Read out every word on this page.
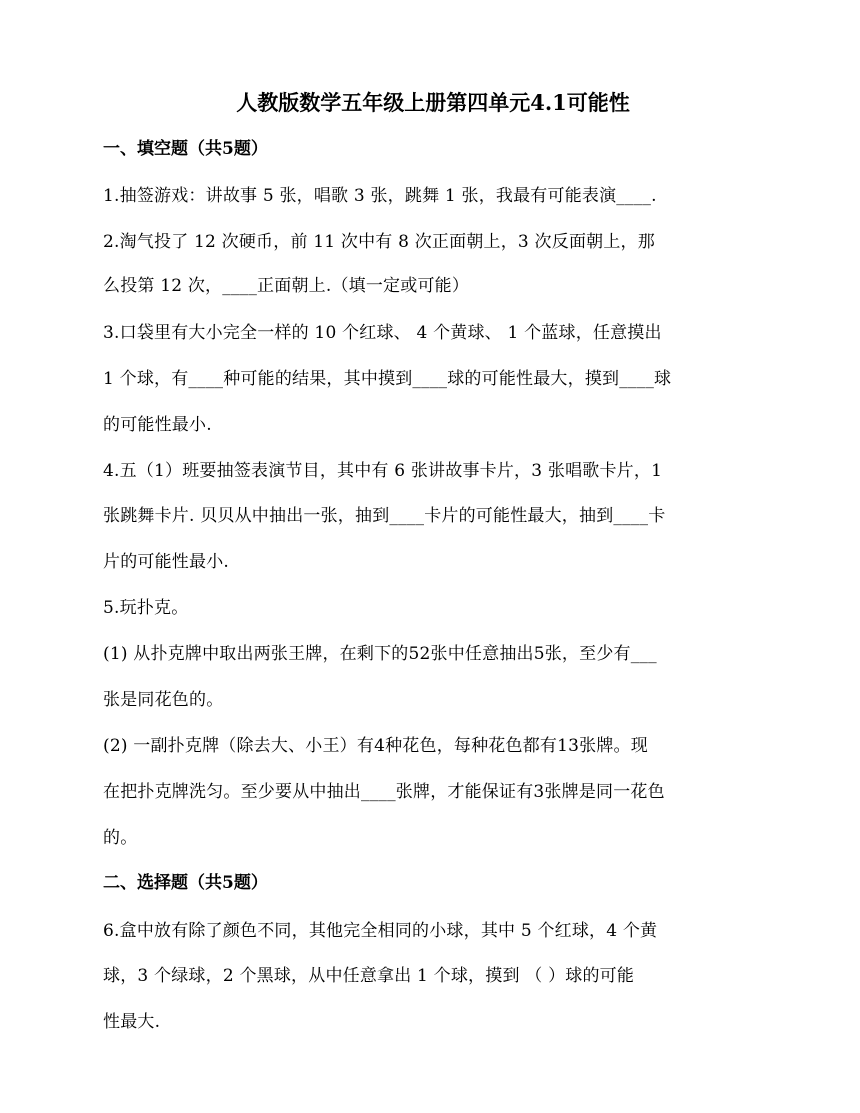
人教版数学五年级上册第四单元4.1可能性
一、填空题（共5题）
1.抽签游戏：讲故事 5 张，唱歌 3 张，跳舞 1 张，我最有可能表演____.
2.淘气投了 12 次硬币，前 11 次中有 8 次正面朝上，3 次反面朝上，那
么投第 12 次，____正面朝上.（填一定或可能）
3.口袋里有大小完全一样的 10 个红球、 4 个黄球、 1 个蓝球，任意摸出
1 个球，有____种可能的结果，其中摸到____球的可能性最大，摸到____球
的可能性最小.
4.五（1）班要抽签表演节目，其中有 6 张讲故事卡片，3 张唱歌卡片，1
张跳舞卡片. 贝贝从中抽出一张，抽到____卡片的可能性最大，抽到____卡
片的可能性最小.
5.玩扑克。
(1) 从扑克牌中取出两张王牌，在剩下的52张中任意抽出5张，至少有___
张是同花色的。
(2) 一副扑克牌（除去大、小王）有4种花色，每种花色都有13张牌。现
在把扑克牌洗匀。至少要从中抽出____张牌，才能保证有3张牌是同一花色
的。
二、选择题（共5题）
6.盒中放有除了颜色不同，其他完全相同的小球，其中 5 个红球，4 个黄
球，3 个绿球，2 个黑球，从中任意拿出 1 个球，摸到 （ ）球的可能
性最大.
